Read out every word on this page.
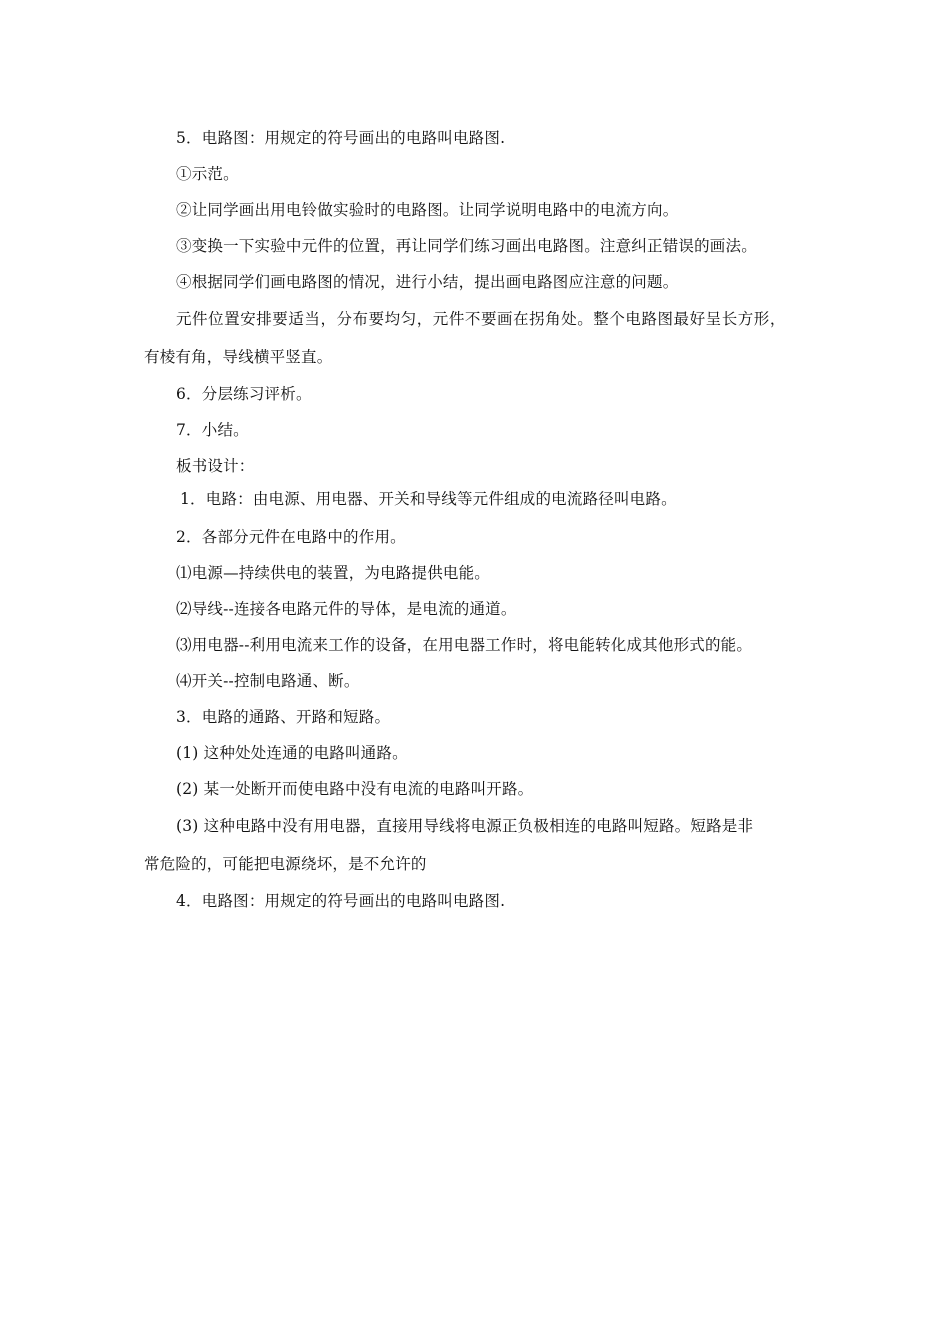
5．电路图：用规定的符号画出的电路叫电路图.
①示范。
②让同学画出用电铃做实验时的电路图。让同学说明电路中的电流方向。
③变换一下实验中元件的位置，再让同学们练习画出电路图。注意纠正错误的画法。
④根据同学们画电路图的情况，进行小结，提出画电路图应注意的问题。
元件位置安排要适当，分布要均匀，元件不要画在拐角处。整个电路图最好呈长方形，
有棱有角，导线横平竖直。
6．分层练习评析。
7．小结。
板书设计：
1．电路：由电源、用电器、开关和导线等元件组成的电流路径叫电路。
2．各部分元件在电路中的作用。
⑴电源—持续供电的装置，为电路提供电能。
⑵导线--连接各电路元件的导体，是电流的通道。
⑶用电器--利用电流来工作的设备，在用电器工作时，将电能转化成其他形式的能。
⑷开关--控制电路通、断。
3．电路的通路、开路和短路。
(1) 这种处处连通的电路叫通路。
(2) 某一处断开而使电路中没有电流的电路叫开路。
(3) 这种电路中没有用电器，直接用导线将电源正负极相连的电路叫短路。短路是非
常危险的，可能把电源绕坏，是不允许的
4．电路图：用规定的符号画出的电路叫电路图.
